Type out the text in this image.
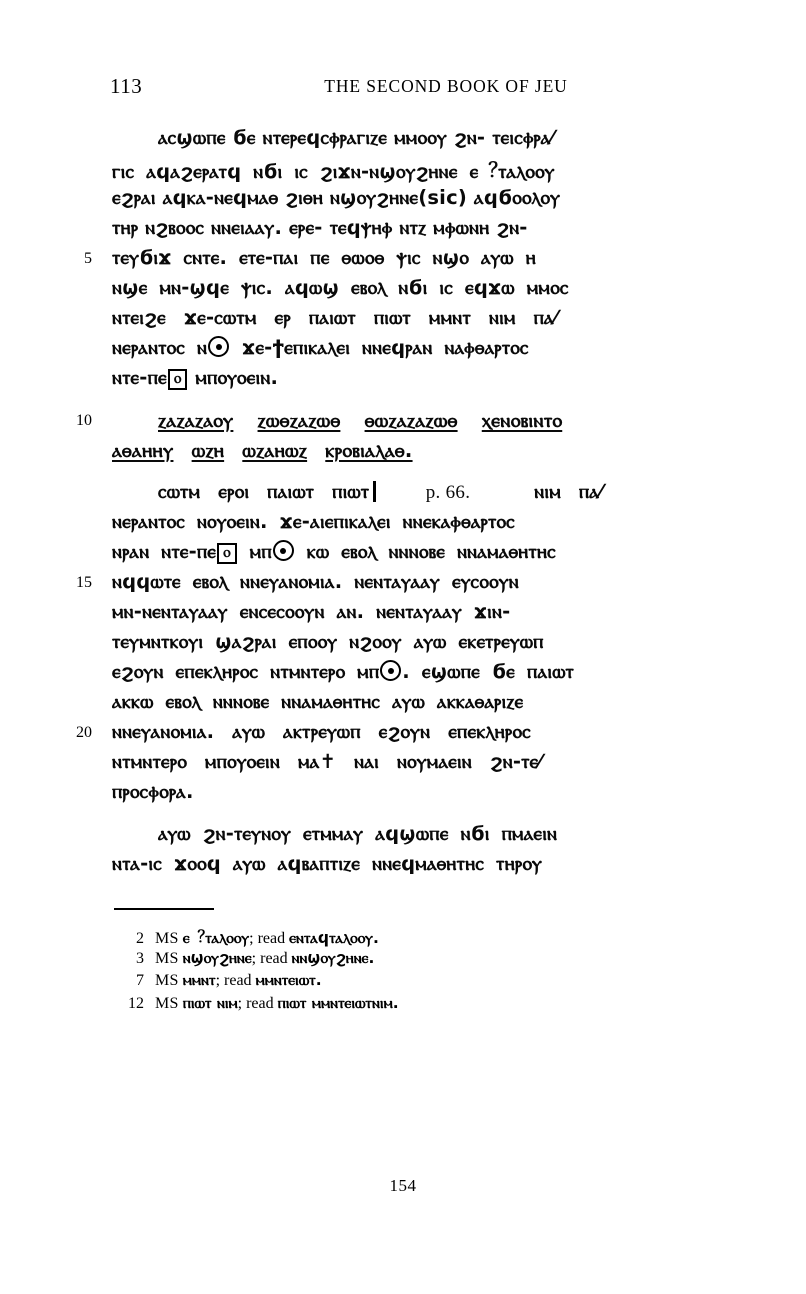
113	THE SECOND BOOK OF JEU
ⲁⲥϣⲱⲡⲉ ϭⲉ ⲛⲧⲉⲣⲉϥⲥⲫⲣⲁⲅⲓⲍⲉ ⲙⲙⲟⲟⲩ ϩⲛ- ⲧⲉⲓⲥⲫⲣⲁ⁄
ⲅⲓⲥ ⲁϥⲁϩⲉⲣⲁⲧϥ ⲛϭⲓ ⲓⲥ ϩⲓϫⲛ-ⲛϣⲟⲩϩⲏⲛⲉ ⲉ︖ⲧⲁⲗⲟⲟⲩ
ⲉϩⲣⲁⲓ ⲁϥⲕⲁ-ⲛⲉϥⲙⲁⲑ ϩⲓⲑⲏ ⲛϣⲟⲩϩⲏⲛⲉ(sic) ⲁϥϭⲟⲟⲗⲟⲩ
ⲧⲏⲣ ⲛϩⲃⲟⲟⲥ ⲛⲛⲉⲓⲁⲁⲩ. ⲉⲣⲉ- ⲧⲉϥⲯⲏⲫ ⲛⲧⲍ ⲙⲫⲱⲛⲏ ϩⲛ-
5 ⲧⲉⲩϭⲓϫ ⲥⲛⲧⲉ. ⲉⲧⲉ-ⲡⲁⲓ ⲡⲉ ⲑⲱⲟⲑ ⲯⲓⲥ ⲛϣⲟ ⲁⲩⲱ ⲏ
ⲛϣⲉ ⲙⲛ-ϣϥⲉ ⲯⲓⲥ. ⲁϥⲱϣ ⲉⲃⲟⲗ ⲛϭⲓ ⲓⲥ ⲉϥϫⲱ ⲙⲙⲟⲥ
ⲛⲧⲉⲓϩⲉ ϫⲉ-ⲥⲱⲧⲙ ⲉⲣ ⲡⲁⲓⲱⲧ ⲡⲓⲱⲧ ⲙⲙⲛⲧ ⲛⲓⲙ ⲡⲁ⁄
ⲛⲉⲣⲁⲛⲧⲟⲥ ⲛ ϫⲉ-ϯⲉⲡⲓⲕⲁⲗⲉⲓ ⲛⲛⲉϥⲣⲁⲛ ⲛⲁⲫⲑⲁⲣⲧⲟⲥ
ⲛⲧⲉ-ⲡⲉ ⲟ ⲙⲡⲟⲩⲟⲉⲓⲛ.
10	ⲍⲁⲍⲁⲍⲁⲟⲩ ⲍⲱⲑⲍⲁⲍⲱⲑ ⲑⲱⲍⲁⲍⲁⲍⲱⲑ ⲭⲉⲛⲟⲃⲓⲛⲧⲟ
ⲁⲑⲁⲏⲏⲩ ⲱⲍⲏ ⲱⲍⲁⲏⲱⲍ ⲕⲣⲟⲃⲓⲁⲗⲁⲑ.
ⲥⲱⲧⲙ ⲉⲣⲟⲓ ⲡⲁⲓⲱⲧ ⲡⲓⲱⲧ	p. 66. ⲛⲓⲙ ⲡⲁ⁄
ⲛⲉⲣⲁⲛⲧⲟⲥ ⲛⲟⲩⲟⲉⲓⲛ. ϫⲉ-ⲁⲓⲉⲡⲓⲕⲁⲗⲉⲓ ⲛⲛⲉⲕⲁⲫⲑⲁⲣⲧⲟⲥ
ⲛⲣⲁⲛ ⲛⲧⲉ-ⲡⲉ ⲟ ⲙⲡ ⲕⲱ ⲉⲃⲟⲗ ⲛⲛⲛⲟⲃⲉ ⲛⲛⲁⲙⲁⲑⲏⲧⲏⲥ
15 ⲛϥϥⲱⲧⲉ ⲉⲃⲟⲗ ⲛⲛⲉⲩⲁⲛⲟⲙⲓⲁ. ⲛⲉⲛⲧⲁⲩⲁⲁⲩ ⲉⲩⲥⲟⲟⲩⲛ
ⲙⲛ-ⲛⲉⲛⲧⲁⲩⲁⲁⲩ ⲉⲛⲥⲉⲥⲟⲟⲩⲛ ⲁⲛ. ⲛⲉⲛⲧⲁⲩⲁⲁⲩ ϫⲓⲛ-
ⲧⲉⲩⲙⲛⲧⲕⲟⲩⲓ ϣⲁϩⲣⲁⲓ ⲉⲡⲟⲟⲩ ⲛϩⲟⲟⲩ ⲁⲩⲱ ⲉⲕⲉⲧⲣⲉⲩⲱⲡ
ⲉϩⲟⲩⲛ ⲉⲡⲉⲕⲗⲏⲣⲟⲥ ⲛⲧⲙⲛⲧⲉⲣⲟ ⲙⲡ . ⲉϣⲱⲡⲉ ϭⲉ ⲡⲁⲓⲱⲧ
ⲁⲕⲕⲱ ⲉⲃⲟⲗ ⲛⲛⲛⲟⲃⲉ ⲛⲛⲁⲙⲁⲑⲏⲧⲏⲥ ⲁⲩⲱ ⲁⲕⲕⲁⲑⲁⲣⲓⲍⲉ
20 ⲛⲛⲉⲩⲁⲛⲟⲙⲓⲁ. ⲁⲩⲱ ⲁⲕⲧⲣⲉⲩⲱⲡ ⲉϩⲟⲩⲛ ⲉⲡⲉⲕⲗⲏⲣⲟⲥ
ⲛⲧⲙⲛⲧⲉⲣⲟ ⲙⲡⲟⲩⲟⲉⲓⲛ ⲙⲁ✝ ⲛⲁⲓ ⲛⲟⲩⲙⲁⲉⲓⲛ ϩⲛ-ⲧⲉ⁄
ⲡⲣⲟⲥⲫⲟⲣⲁ.
ⲁⲩⲱ ϩⲛ-ⲧⲉⲩⲛⲟⲩ ⲉⲧⲙⲙⲁⲩ ⲁϥϣⲱⲡⲉ ⲛϭⲓ ⲡⲙⲁⲉⲓⲛ
ⲛⲧⲁ-ⲓⲥ ϫⲟⲟϥ ⲁⲩⲱ ⲁϥⲃⲁⲡⲧⲓⲍⲉ ⲛⲛⲉϥⲙⲁⲑⲏⲧⲏⲥ ⲧⲏⲣⲟⲩ
2 MS ⲉ︖ⲧⲁⲗⲟⲟⲩ; read ⲉⲛⲧⲁϥⲧⲁⲗⲟⲟⲩ.
3 MS ⲛϣⲟⲩϩⲏⲛⲉ; read ⲛⲛϣⲟⲩϩⲏⲛⲉ.
7 MS ⲙⲙⲛⲧ; read ⲙⲙⲛⲧⲉⲓⲱⲧ.
12 MS ⲡⲓⲱⲧ ⲛⲓⲙ; read ⲡⲓⲱⲧ ⲙⲙⲛⲧⲉⲓⲱⲧⲛⲓⲙ.
154
